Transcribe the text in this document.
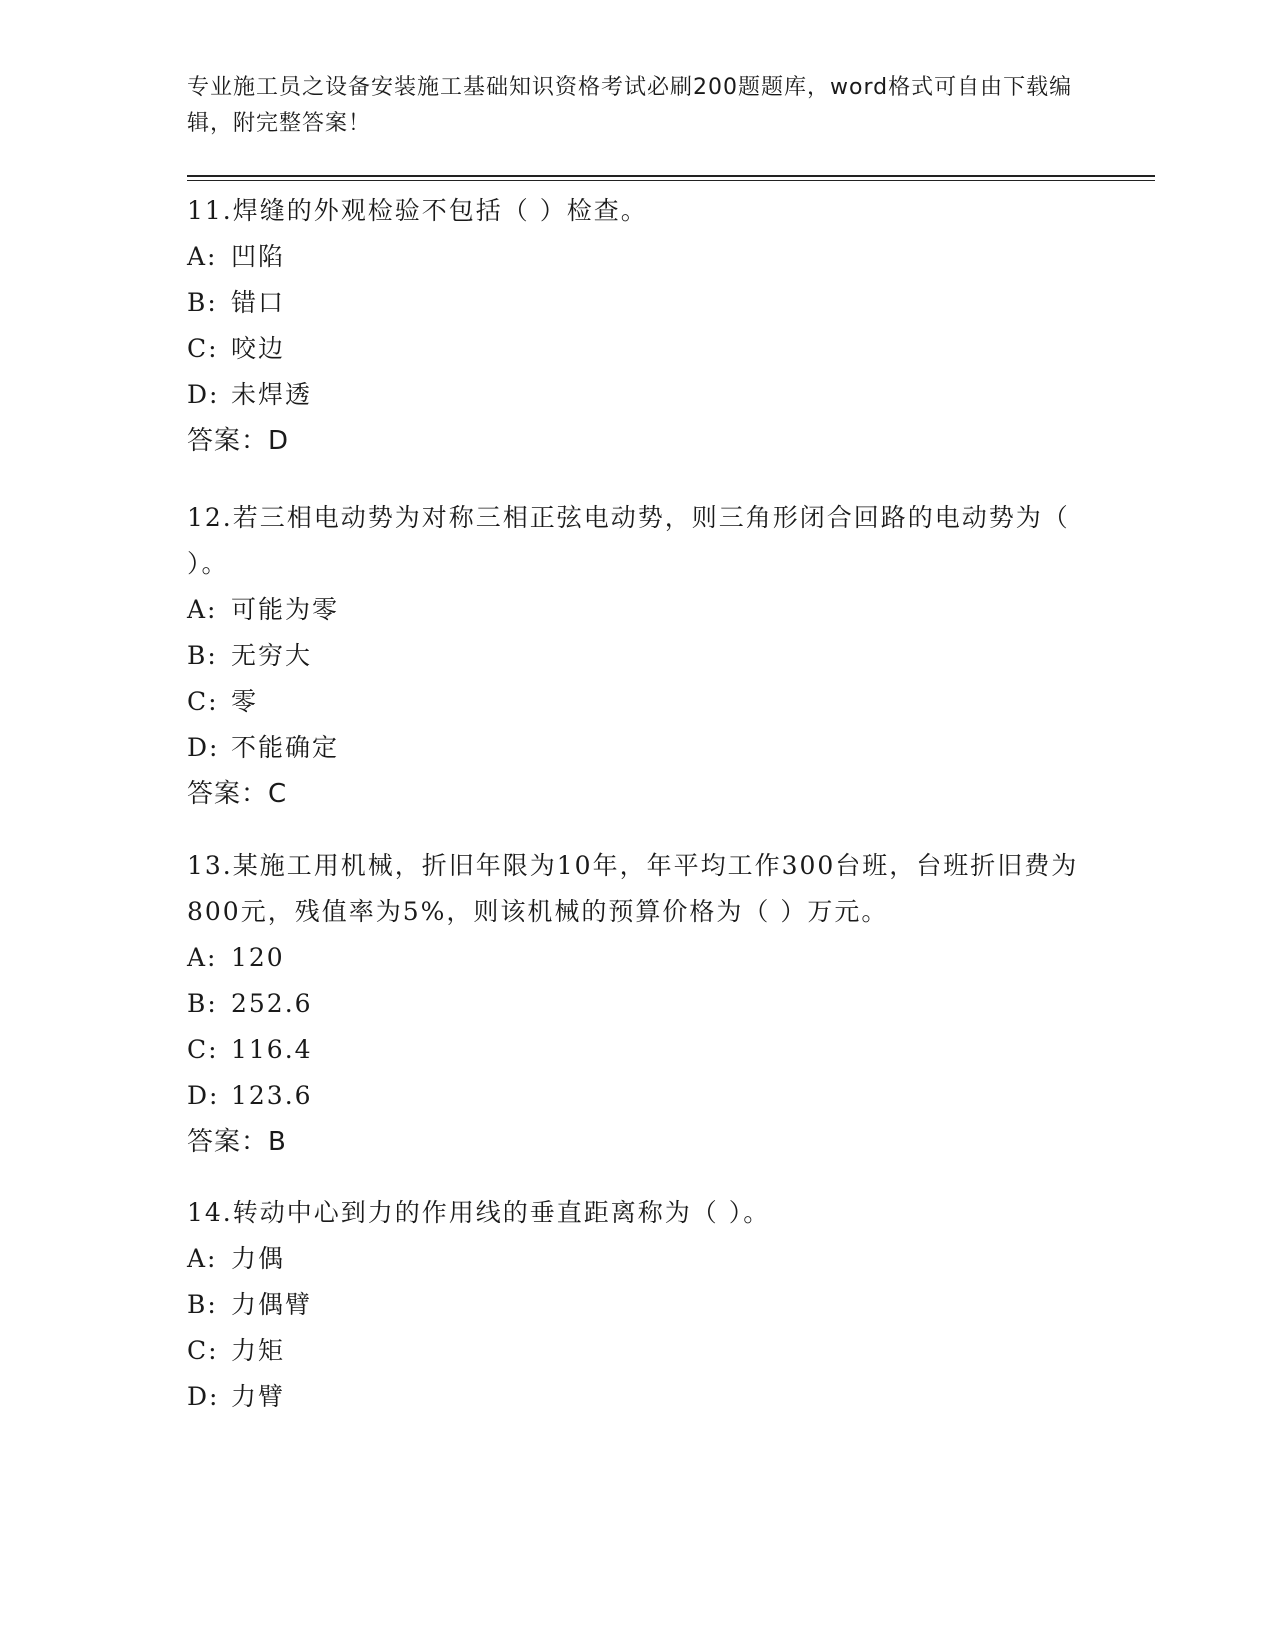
专业施工员之设备安装施工基础知识资格考试必刷200题题库，word格式可自由下载编辑，附完整答案！

11.焊缝的外观检验不包括（ ）检查。

A: 凹陷
B: 错口
C: 咬边
D: 未焊透
答案：D

12.若三相电动势为对称三相正弦电动势，则三角形闭合回路的电动势为（ ）。

A: 可能为零
B: 无穷大
C: 零
D: 不能确定
答案：C

13.某施工用机械，折旧年限为10年，年平均工作300台班，台班折旧费为800元，残值率为5%，则该机械的预算价格为（ ）万元。

A: 120
B: 252.6
C: 116.4
D: 123.6
答案：B

14.转动中心到力的作用线的垂直距离称为（ ）。

A: 力偶
B: 力偶臂
C: 力矩
D: 力臂
